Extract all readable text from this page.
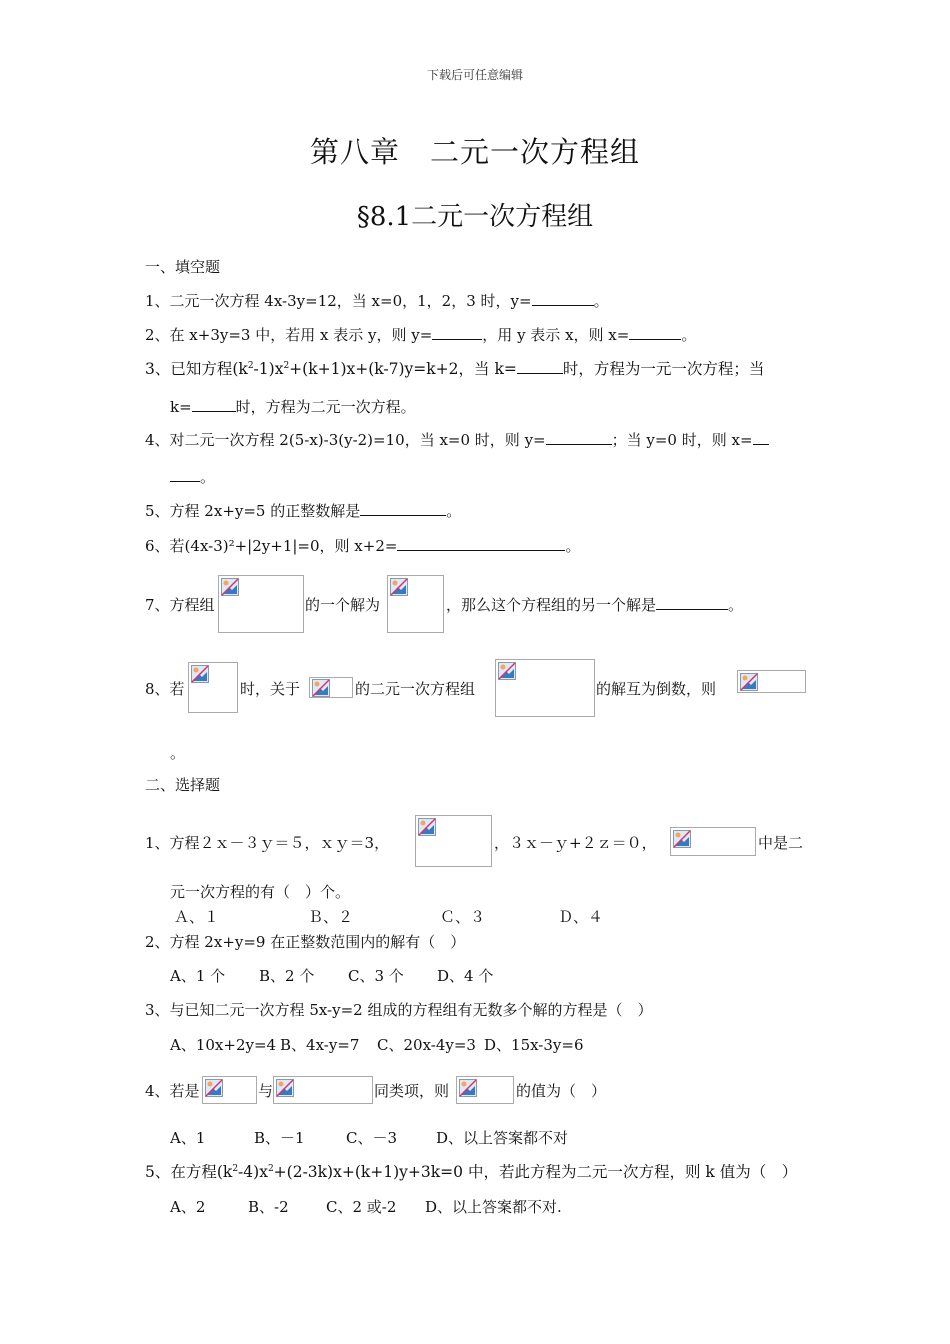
下载后可任意编辑
第八章　二元一次方程组
§8.1二元一次方程组
一、填空题
1、二元一次方程 4x-3y=12，当 x=0，1，2，3 时，y=	。
2、在 x+3y=3 中，若用 x 表示 y，则 y=	，用 y 表示 x，则 x=	。
3、已知方程$(k^2-1)x^2+(k+1)x+(k-7)y=k+2$，当 k=	时，方程为一元一次方程；当
k=	时，方程为二元一次方程。
4、对二元一次方程 2(5-x)-3(y-2)=10，当 x=0 时，则 y=	；当 y=0 时，则 x=
。
5、方程 2x+y=5 的正整数解是	。
6、若(4x-3)²+|2y+1|=0，则 x+2=	。
7、方程组	的一个解为	，那么这个方程组的另一个解是	。
8、若	时，关于	的二元一次方程组	的解互为倒数，则
。
二、选择题
1、方程２ｘ－３ｙ＝５，ｘｙ＝3，	，３ｘ－ｙ+２ｚ＝０，	中是二
元一次方程的有（　）个。
Ａ、１	Ｂ、２	Ｃ、３	Ｄ、４
2、方程 2x+y=9 在正整数范围内的解有（　）
A、1 个 B、2 个 C、3 个 D、4 个
3、与已知二元一次方程 5x-y=2 组成的方程组有无数多个解的方程是（　）
A、10x+2y=4 B、4x-y=7 C、20x-4y=3 D、15x-3y=6
4、若是	与	同类项，则	的值为（　）
A、1	B、－1	C、－3	D、以上答案都不对
5、在方程$(k^2-4)x^2+(2-3k)x+(k+1)y+3k=0$ 中，若此方程为二元一次方程，则 k 值为（　）
A、2	B、-2 C、2 或-2 D、以上答案都不对.
